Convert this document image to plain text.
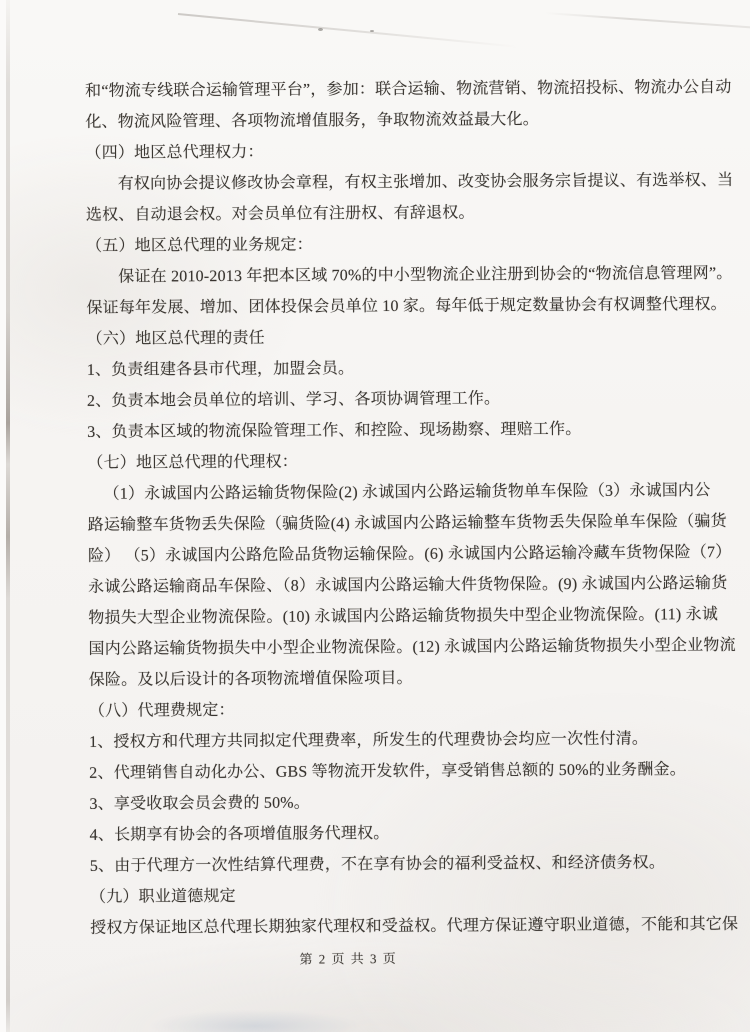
和“物流专线联合运输管理平台”，参加：联合运输、物流营销、物流招投标、物流办公自动

化、物流风险管理、各项物流增值服务，争取物流效益最大化。

（四）地区总代理权力：

有权向协会提议修改协会章程，有权主张增加、改变协会服务宗旨提议、有选举权、当

选权、自动退会权。对会员单位有注册权、有辞退权。

（五）地区总代理的业务规定：

保证在 2010-2013 年把本区域 70%的中小型物流企业注册到协会的“物流信息管理网”。

保证每年发展、增加、团体投保会员单位 10 家。每年低于规定数量协会有权调整代理权。

（六）地区总代理的责任

1、负责组建各县市代理，加盟会员。

2、负责本地会员单位的培训、学习、各项协调管理工作。

3、负责本区域的物流保险管理工作、和控险、现场勘察、理赔工作。

（七）地区总代理的代理权：

（1）永诚国内公路运输货物保险(2) 永诚国内公路运输货物单车保险（3）永诚国内公

路运输整车货物丢失保险（骗货险(4) 永诚国内公路运输整车货物丢失保险单车保险（骗货

险） （5）永诚国内公路危险品货物运输保险。(6) 永诚国内公路运输冷藏车货物保险（7）

永诚公路运输商品车保险、（8）永诚国内公路运输大件货物保险。(9) 永诚国内公路运输货

物损失大型企业物流保险。(10) 永诚国内公路运输货物损失中型企业物流保险。(11) 永诚

国内公路运输货物损失中小型企业物流保险。(12) 永诚国内公路运输货物损失小型企业物流

保险。及以后设计的各项物流增值保险项目。

（八）代理费规定：

1、授权方和代理方共同拟定代理费率，所发生的代理费协会均应一次性付清。

2、代理销售自动化办公、GBS 等物流开发软件，享受销售总额的 50%的业务酬金。

3、享受收取会员会费的 50%。

4、长期享有协会的各项增值服务代理权。

5、由于代理方一次性结算代理费，不在享有协会的福利受益权、和经济债务权。

（九）职业道德规定

授权方保证地区总代理长期独家代理权和受益权。代理方保证遵守职业道德，不能和其它保

第 2 页 共 3 页
